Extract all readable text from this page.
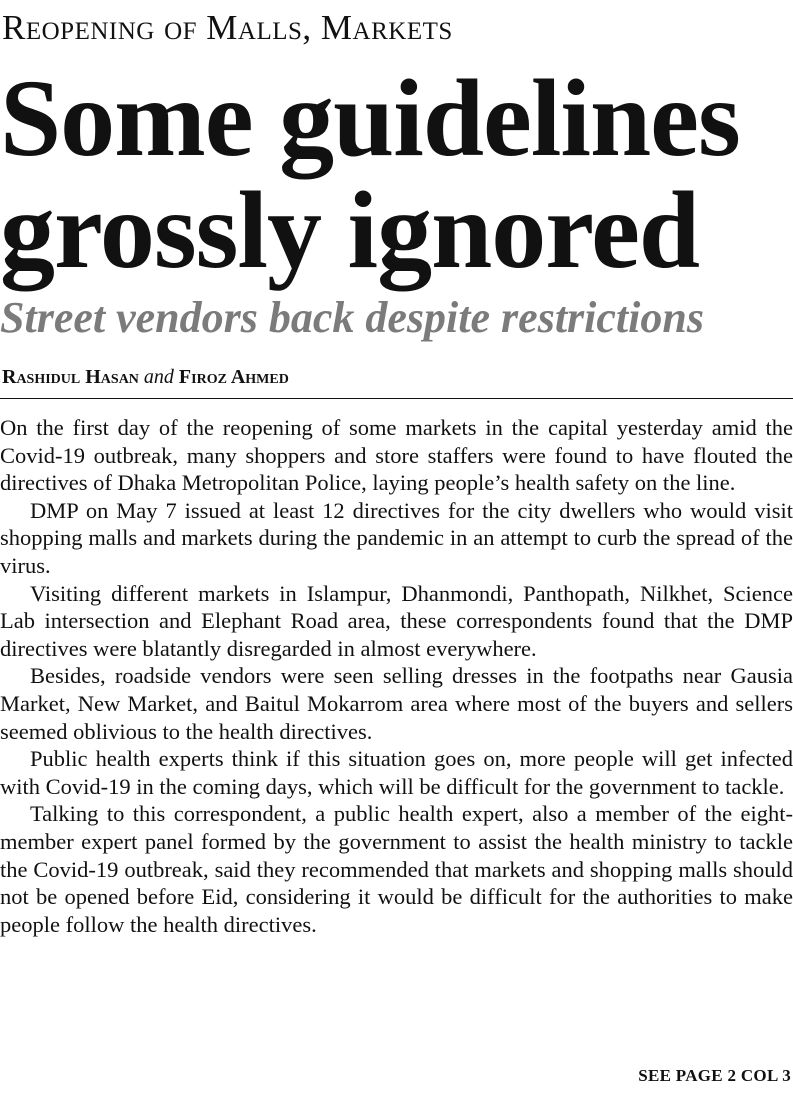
Reopening of Malls, Markets
Some guidelines grossly ignored
Street vendors back despite restrictions
Rashidul Hasan and Firoz Ahmed

On the first day of the reopening of some markets in the capital yesterday amid the Covid-19 outbreak, many shoppers and store staffers were found to have flouted the directives of Dhaka Metropolitan Police, laying people’s health safety on the line.

DMP on May 7 issued at least 12 directives for the city dwellers who would visit shopping malls and markets during the pandemic in an attempt to curb the spread of the virus.

Visiting different markets in Islampur, Dhanmondi, Panthopath, Nilkhet, Science Lab intersection and Elephant Road area, these correspondents found that the DMP directives were blatantly disregarded in almost everywhere.

Besides, roadside vendors were seen selling dresses in the footpaths near Gausia Market, New Market, and Baitul Mokarrom area where most of the buyers and sellers seemed oblivious to the health directives.

Public health experts think if this situation goes on, more people will get infected with Covid-19 in the coming days, which will be difficult for the government to tackle.

Talking to this correspondent, a public health expert, also a member of the eight-member expert panel formed by the government to assist the health ministry to tackle the Covid-19 outbreak, said they recommended that markets and shopping malls should not be opened before Eid, considering it would be difficult for the authorities to make people follow the health directives.

SEE PAGE 2 COL 3
